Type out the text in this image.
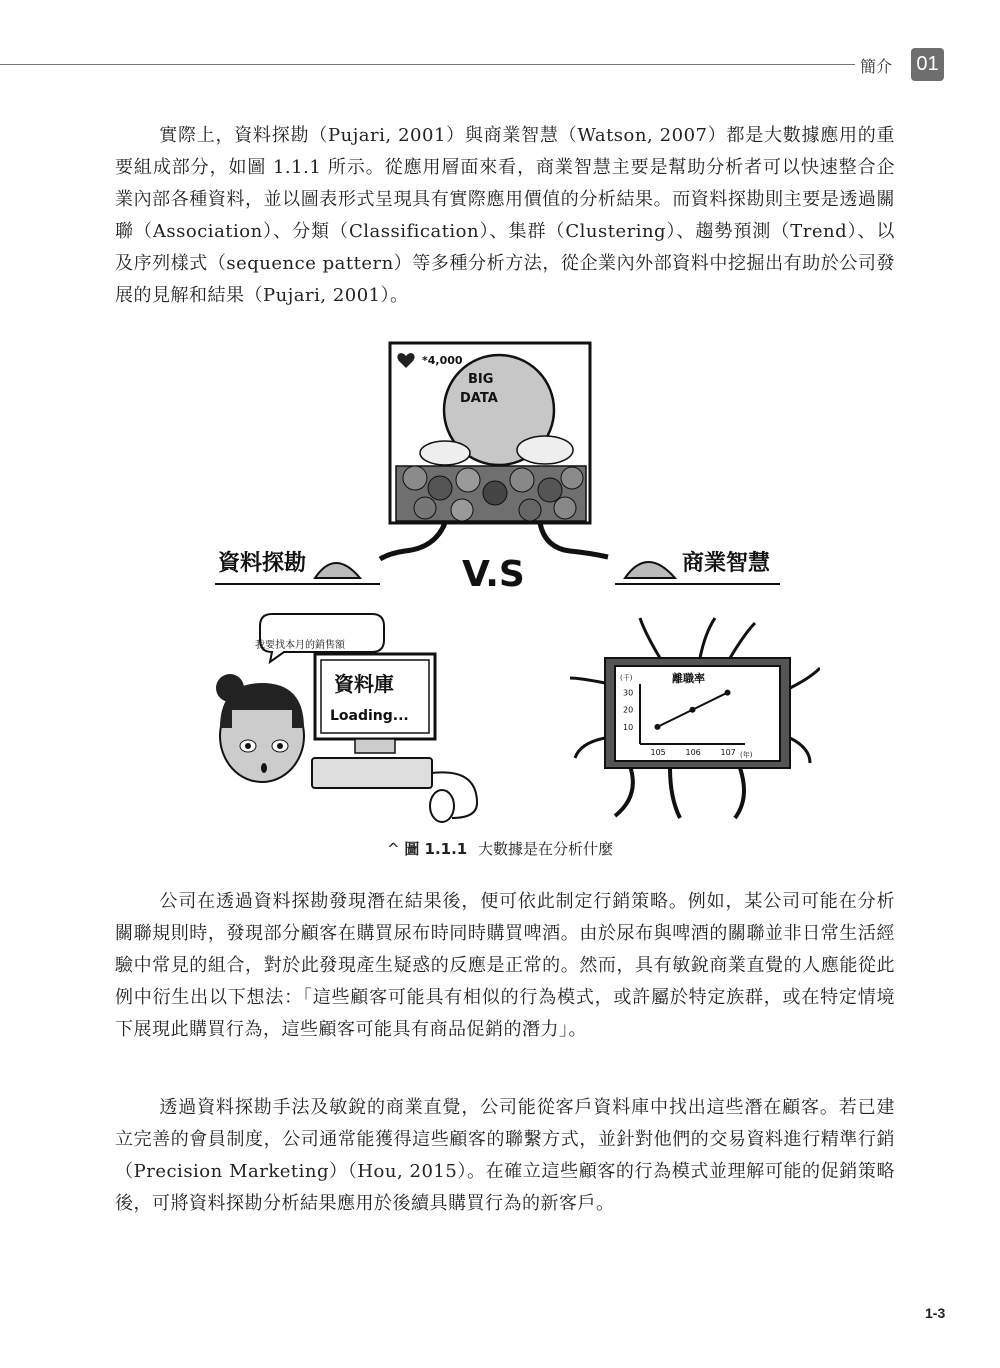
簡介 01

實際上，資料探勘（Pujari, 2001）與商業智慧（Watson, 2007）都是大數據應用的重要組成部分，如圖 1.1.1 所示。從應用層面來看，商業智慧主要是幫助分析者可以快速整合企業內部各種資料，並以圖表形式呈現具有實際應用價值的分析結果。而資料探勘則主要是透過關聯（Association）、分類（Classification）、集群（Clustering）、趨勢預測（Trend）、以及序列樣式（sequence pattern）等多種分析方法，從企業內外部資料中挖掘出有助於公司發展的見解和結果（Pujari, 2001）。

*4,000
BIG
DATA
資料探勘	V.S	商業智慧
我要找本月的銷售額
資料庫
Loading...
離職率
(千)
(年)
10
20
30
105 106 107
^ 圖 1.1.1 大數據是在分析什麼

公司在透過資料探勘發現潛在結果後，便可依此制定行銷策略。例如，某公司可能在分析關聯規則時，發現部分顧客在購買尿布時同時購買啤酒。由於尿布與啤酒的關聯並非日常生活經驗中常見的組合，對於此發現產生疑惑的反應是正常的。然而，具有敏銳商業直覺的人應能從此例中衍生出以下想法：「這些顧客可能具有相似的行為模式，或許屬於特定族群，或在特定情境下展現此購買行為，這些顧客可能具有商品促銷的潛力」。

透過資料探勘手法及敏銳的商業直覺，公司能從客戶資料庫中找出這些潛在顧客。若已建立完善的會員制度，公司通常能獲得這些顧客的聯繫方式，並針對他們的交易資料進行精準行銷（Precision Marketing）（Hou, 2015）。在確立這些顧客的行為模式並理解可能的促銷策略後，可將資料探勘分析結果應用於後續具購買行為的新客戶。

1-3
